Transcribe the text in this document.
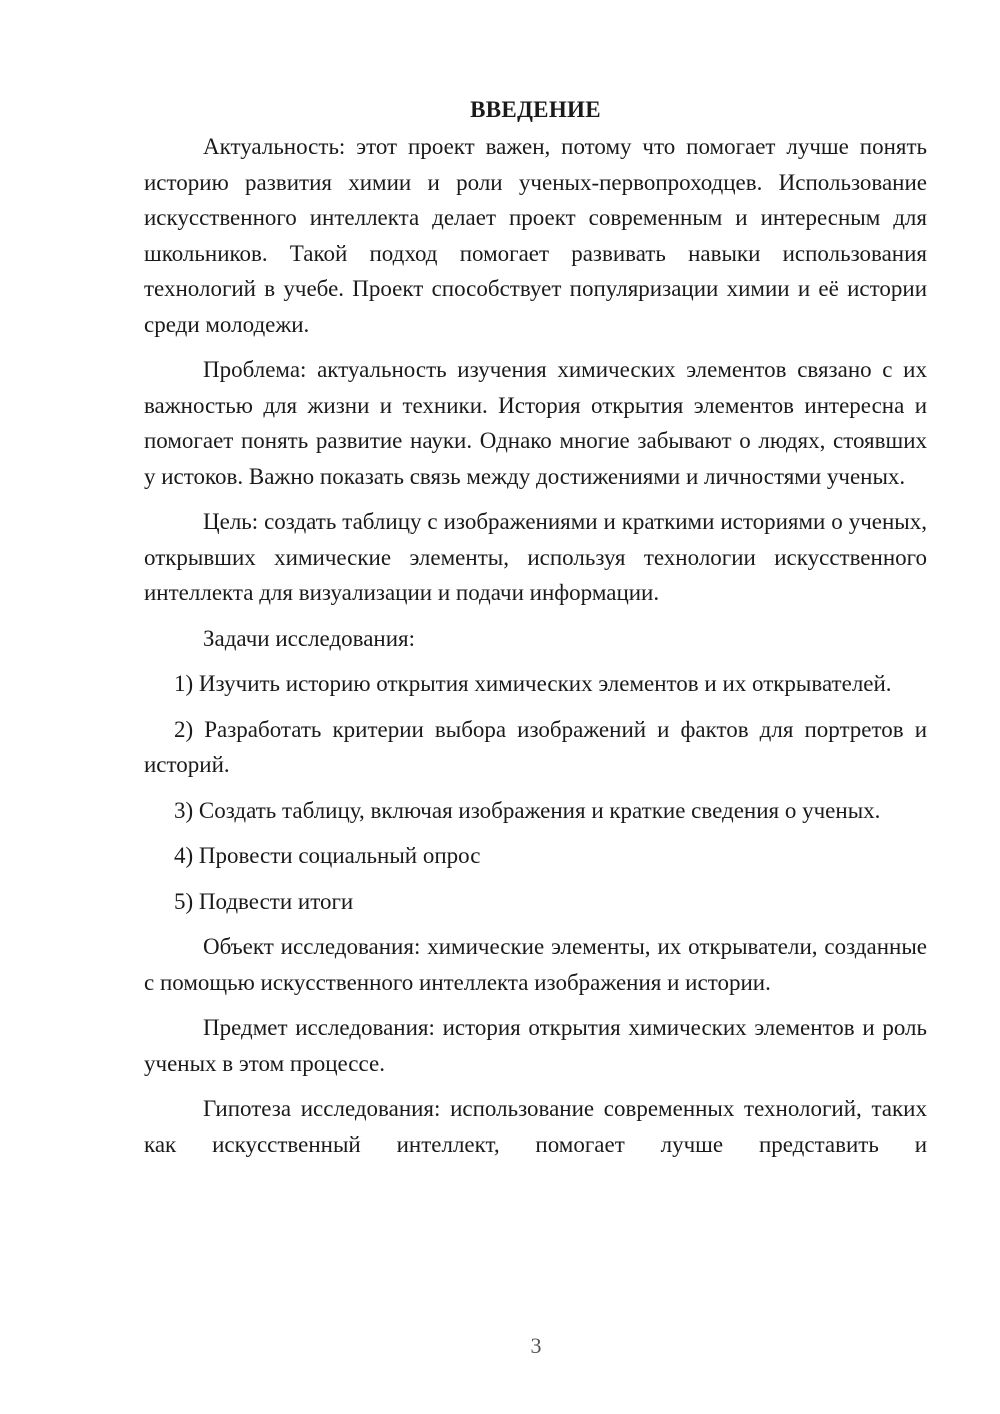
ВВЕДЕНИЕ

Актуальность: этот проект важен, потому что помогает лучше понять историю развития химии и роли ученых-первопроходцев. Использование искусственного интеллекта делает проект современным и интересным для школьников. Такой подход помогает развивать навыки использования технологий в учебе. Проект способствует популяризации химии и её истории среди молодежи.

Проблема: актуальность изучения химических элементов связано с их важностью для жизни и техники. История открытия элементов интересна и помогает понять развитие науки. Однако многие забывают о людях, стоявших у истоков. Важно показать связь между достижениями и личностями ученых.

Цель: создать таблицу с изображениями и краткими историями о ученых, открывших химические элементы, используя технологии искусственного интеллекта для визуализации и подачи информации.

Задачи исследования:

1) Изучить историю открытия химических элементов и их открывателей.

2) Разработать критерии выбора изображений и фактов для портретов и историй.

3) Создать таблицу, включая изображения и краткие сведения о ученых.

4) Провести социальный опрос

5) Подвести итоги

Объект исследования: химические элементы, их открыватели, созданные с помощью искусственного интеллекта изображения и истории.

Предмет исследования: история открытия химических элементов и роль ученых в этом процессе.

Гипотеза исследования: использование современных технологий, таких как искусственный интеллект, помогает лучше представить и

3
